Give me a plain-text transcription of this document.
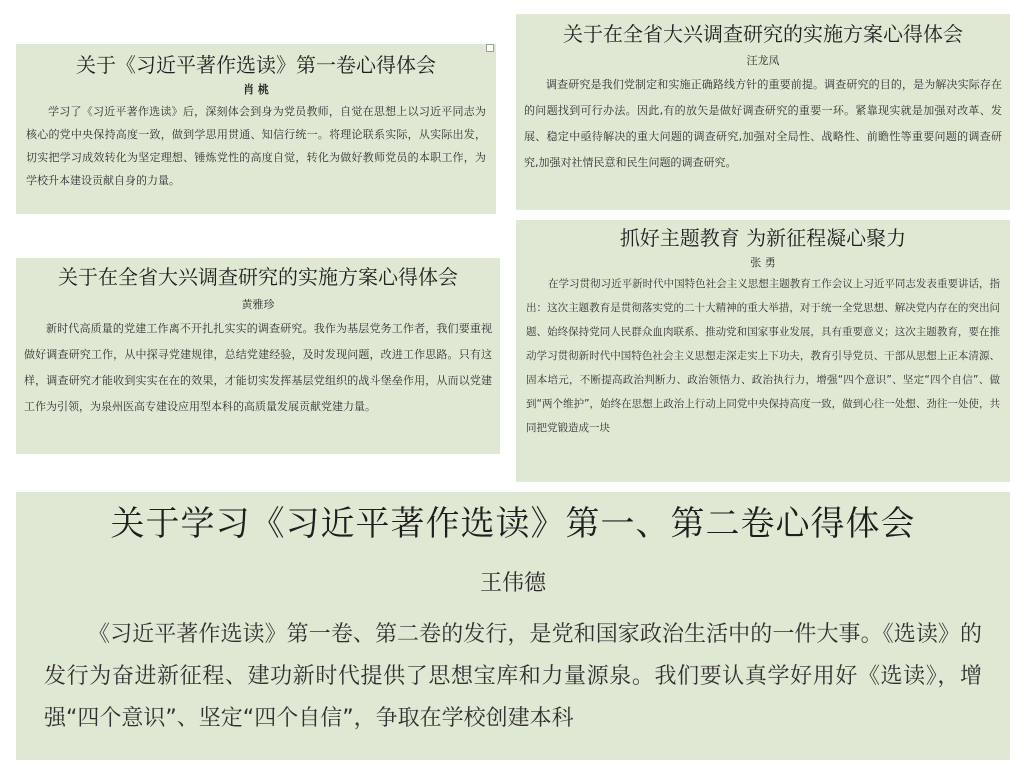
关于《习近平著作选读》第一卷心得体会
肖 桃
学习了《习近平著作选读》后，深刻体会到身为党员教师，自觉在思想上以习近平同志为核心的党中央保持高度一致，做到学思用贯通、知信行统一。将理论联系实际，从实际出发，切实把学习成效转化为坚定理想、锤炼党性的高度自觉，转化为做好教师党员的本职工作，为学校升本建设贡献自身的力量。
关于在全省大兴调查研究的实施方案心得体会
汪龙凤
调查研究是我们党制定和实施正确路线方针的重要前提。调查研究的目的，是为解决实际存在的问题找到可行办法。因此,有的放矢是做好调查研究的重要一环。紧靠现实就是加强对改革、发展、稳定中亟待解决的重大问题的调查研究,加强对全局性、战略性、前瞻性等重要问题的调查研究,加强对社情民意和民生问题的调查研究。
关于在全省大兴调查研究的实施方案心得体会
黄雅珍
新时代高质量的党建工作离不开扎扎实实的调查研究。我作为基层党务工作者，我们要重视做好调查研究工作，从中探寻党建规律，总结党建经验，及时发现问题，改进工作思路。只有这样，调查研究才能收到实实在在的效果，才能切实发挥基层党组织的战斗堡垒作用，从而以党建工作为引领，为泉州医高专建设应用型本科的高质量发展贡献党建力量。
抓好主题教育 为新征程凝心聚力
张 勇
在学习贯彻习近平新时代中国特色社会主义思想主题教育工作会议上习近平同志发表重要讲话，指出：这次主题教育是贯彻落实党的二十大精神的重大举措，对于统一全党思想、解决党内存在的突出问题、始终保持党同人民群众血肉联系、推动党和国家事业发展，具有重要意义；这次主题教育，要在推动学习贯彻新时代中国特色社会主义思想走深走实上下功夫，教育引导党员、干部从思想上正本清源、固本培元，不断提高政治判断力、政治领悟力、政治执行力，增强“四个意识”、坚定“四个自信”、做到“两个维护”，始终在思想上政治上行动上同党中央保持高度一致，做到心往一处想、劲往一处使，共同把党锻造成一块
关于学习《习近平著作选读》第一、第二卷心得体会
王伟德
《习近平著作选读》第一卷、第二卷的发行，是党和国家政治生活中的一件大事。《选读》的发行为奋进新征程、建功新时代提供了思想宝库和力量源泉。我们要认真学好用好《选读》，增强“四个意识”、坚定“四个自信”，争取在学校创建本科
